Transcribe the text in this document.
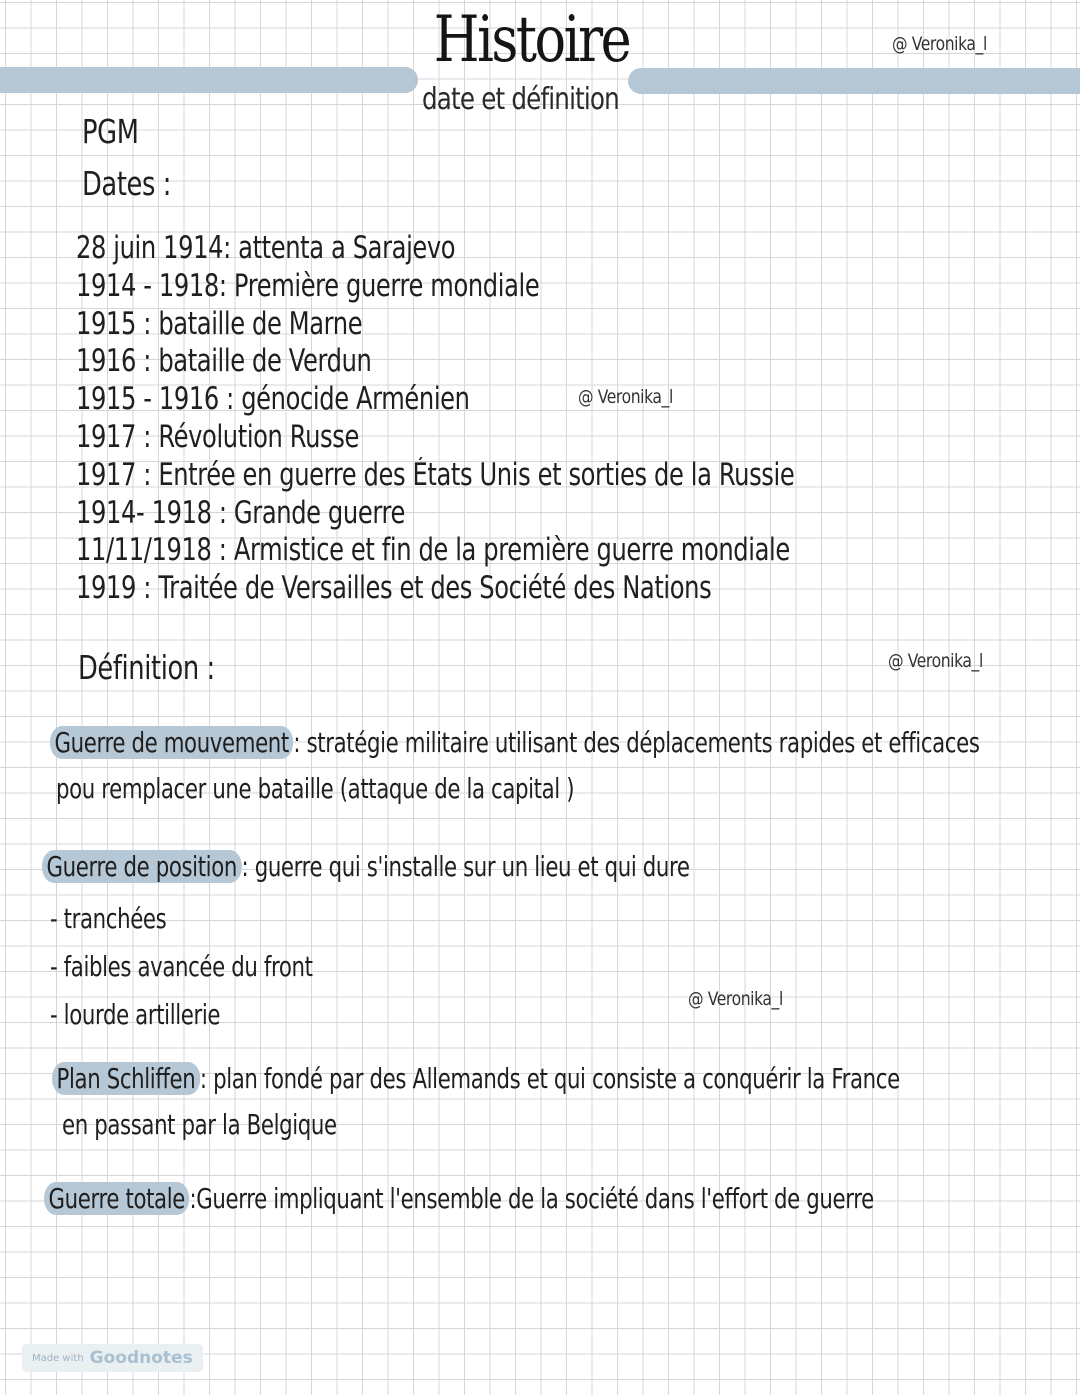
Histoire
date et définition
@ Veronika_l
PGM
Dates :
28 juin 1914: attenta a Sarajevo
1914 - 1918: Première guerre mondiale
1915 : bataille de Marne
1916 : bataille de Verdun
1915 - 1916 : génocide Arménien
1917 : Révolution Russe
1917 : Entrée en guerre des États Unis et sorties de la Russie
1914- 1918 : Grande guerre
11/11/1918 : Armistice et fin de la première guerre mondiale
1919 : Traitée de Versailles et des Société des Nations
@ Veronika_l
Définition :	@ Veronika_l
Guerre de mouvement : stratégie militaire utilisant des déplacements rapides et efficaces
pou remplacer une bataille (attaque de la capital )
Guerre de position : guerre qui s'installe sur un lieu et qui dure
- tranchées
- faibles avancée du front
- lourde artillerie	@ Veronika_l
Plan Schliffen : plan fondé par des Allemands et qui consiste a conquérir la France
en passant par la Belgique
Guerre totale :Guerre impliquant l'ensemble de la société dans l'effort de guerre
Made with Goodnotes
